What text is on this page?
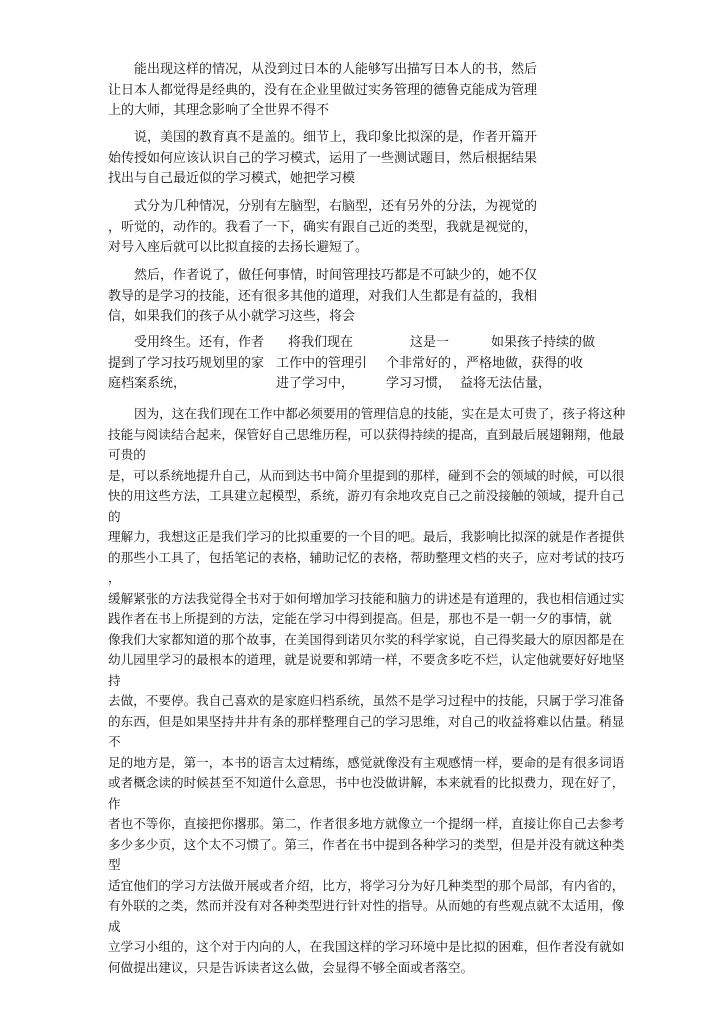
能出现这样的情况，从没到过日本的人能够写出描写日本人的书，然后
让日本人都觉得是经典的，没有在企业里做过实务管理的德鲁克能成为管理
上的大师，其理念影响了全世界不得不
说，美国的教育真不是盖的。细节上，我印象比拟深的是，作者开篇开
始传授如何应该认识自己的学习模式，运用了一些测试题目，然后根据结果
找出与自己最近似的学习模式，她把学习模
式分为几种情况，分别有左脑型，右脑型，还有另外的分法，为视觉的
，听觉的，动作的。我看了一下，确实有跟自己近的类型，我就是视觉的，
对号入座后就可以比拟直接的去扬长避短了。
然后，作者说了，做任何事情，时间管理技巧都是不可缺少的，她不仅
教导的是学习的技能，还有很多其他的道理，对我们人生都是有益的，我相
信，如果我们的孩子从小就学习这些，将会
受用终生。还有，作者 将我们现在	这是一	如果孩子持续的做
提到了学习技巧规划里的家 工作中的管理引 个非常好的 ，严格地做，获得的收
庭档案系统，	进了学习中， 学习习惯， 益将无法估量，
因为，这在我们现在工作中都必须要用的管理信息的技能，实在是太可贵了，孩子将这种
技能与阅读结合起来，保管好自己思维历程，可以获得持续的提高，直到最后展翅翱翔，他最
可贵的
是，可以系统地提升自己，从而到达书中简介里提到的那样，碰到不会的领域的时候，可以很
快的用这些方法，工具建立起模型，系统，游刃有余地攻克自己之前没接触的领域，提升自己
的
理解力，我想这正是我们学习的比拟重要的一个目的吧。最后，我影响比拟深的就是作者提供
的那些小工具了，包括笔记的表格，辅助记忆的表格，帮助整理文档的夹子，应对考试的技巧
，
缓解紧张的方法我觉得全书对于如何增加学习技能和脑力的讲述是有道理的，我也相信通过实
践作者在书上所提到的方法，定能在学习中得到提高。但是，那也不是一朝一夕的事情，就
像我们大家都知道的那个故事，在美国得到诺贝尔奖的科学家说，自己得奖最大的原因都是在
幼儿园里学习的最根本的道理，就是说要和郭靖一样，不要贪多吃不烂，认定他就要好好地坚
持
去做，不要停。我自己喜欢的是家庭归档系统，虽然不是学习过程中的技能，只属于学习准备
的东西，但是如果坚持井井有条的那样整理自己的学习思维，对自己的收益将难以估量。稍显
不
足的地方是，第一，本书的语言太过精练，感觉就像没有主观感情一样，要命的是有很多词语
或者概念读的时候甚至不知道什么意思，书中也没做讲解，本来就看的比拟费力，现在好了，
作
者也不等你，直接把你撂那。第二，作者很多地方就像立一个提纲一样，直接让你自己去参考
多少多少页，这个太不习惯了。第三，作者在书中提到各种学习的类型，但是并没有就这种类
型
适宜他们的学习方法做开展或者介绍，比方，将学习分为好几种类型的那个局部，有内省的，
有外联的之类，然而并没有对各种类型进行针对性的指导。从而她的有些观点就不太适用，像
成
立学习小组的，这个对于内向的人，在我国这样的学习环境中是比拟的困难，但作者没有就如
何做提出建议，只是告诉读者这么做，会显得不够全面或者落空。
